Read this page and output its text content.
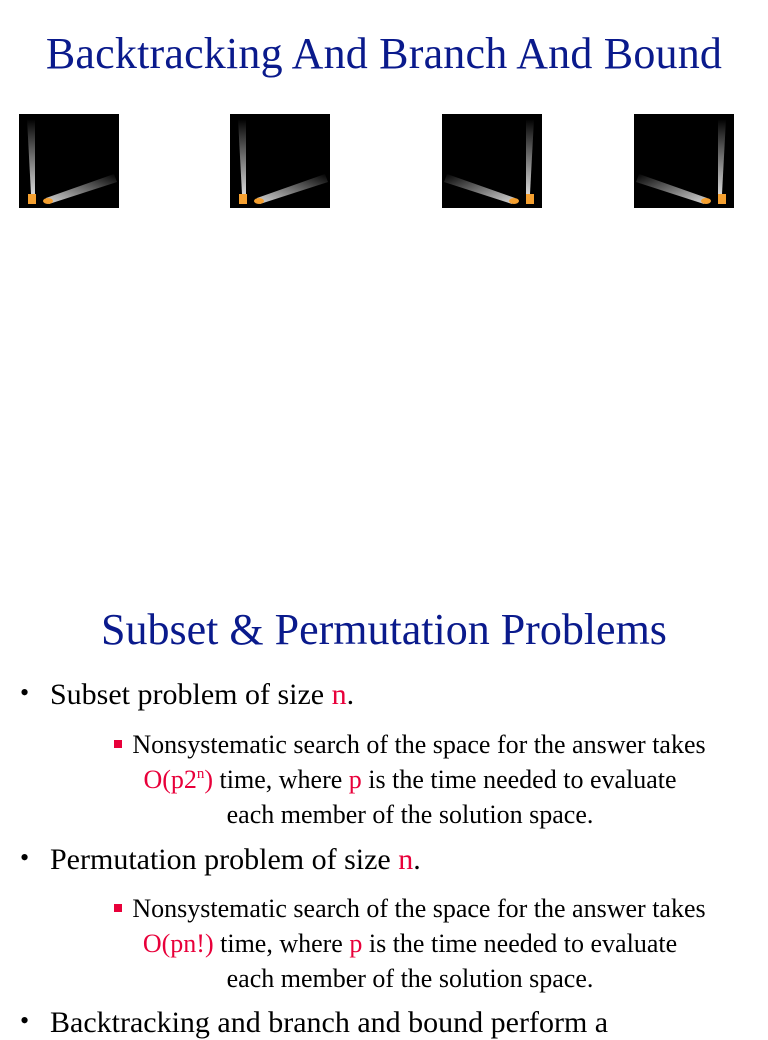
Backtracking And Branch And Bound
Subset & Permutation Problems
• Subset problem of size n.
Nonsystematic search of the space for the answer takes
O(p2$^n$) time, where p is the time needed to evaluate
each member of the solution space.
• Permutation problem of size n.
Nonsystematic search of the space for the answer takes
O(pn!) time, where p is the time needed to evaluate
each member of the solution space.
• Backtracking and branch and bound perform a
